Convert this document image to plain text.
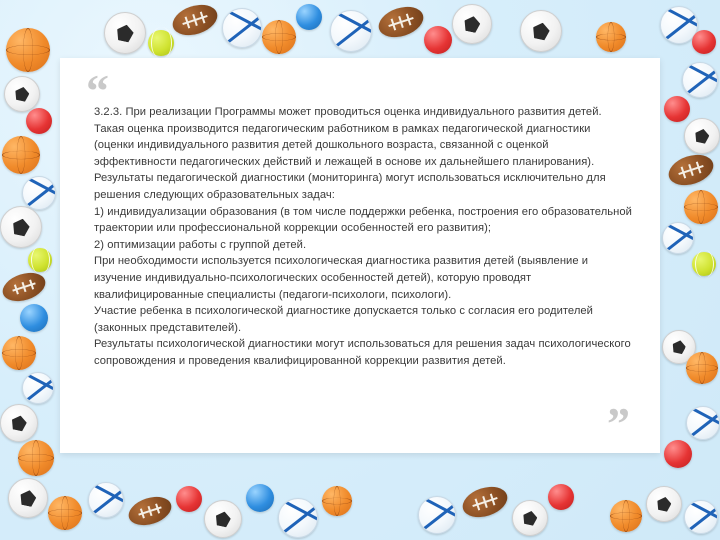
“

3.2.3. При реализации Программы может проводиться оценка индивидуального развития детей. Такая оценка производится педагогическим работником в рамках педагогической диагностики (оценки индивидуального развития детей дошкольного возраста, связанной с оценкой эффективности педагогических действий и лежащей в основе их дальнейшего планирования).

Результаты педагогической диагностики (мониторинга) могут использоваться исключительно для решения следующих образовательных задач:

1) индивидуализации образования (в том числе поддержки ребенка, построения его образовательной траектории или профессиональной коррекции особенностей его развития);

2) оптимизации работы с группой детей.

При необходимости используется психологическая диагностика развития детей (выявление и изучение индивидуально-психологических особенностей детей), которую проводят квалифицированные специалисты (педагоги-психологи, психологи).

Участие ребенка в психологической диагностике допускается только с согласия его родителей (законных представителей).

Результаты психологической диагностики могут использоваться для решения задач психологического сопровождения и проведения квалифицированной коррекции развития детей.

”
